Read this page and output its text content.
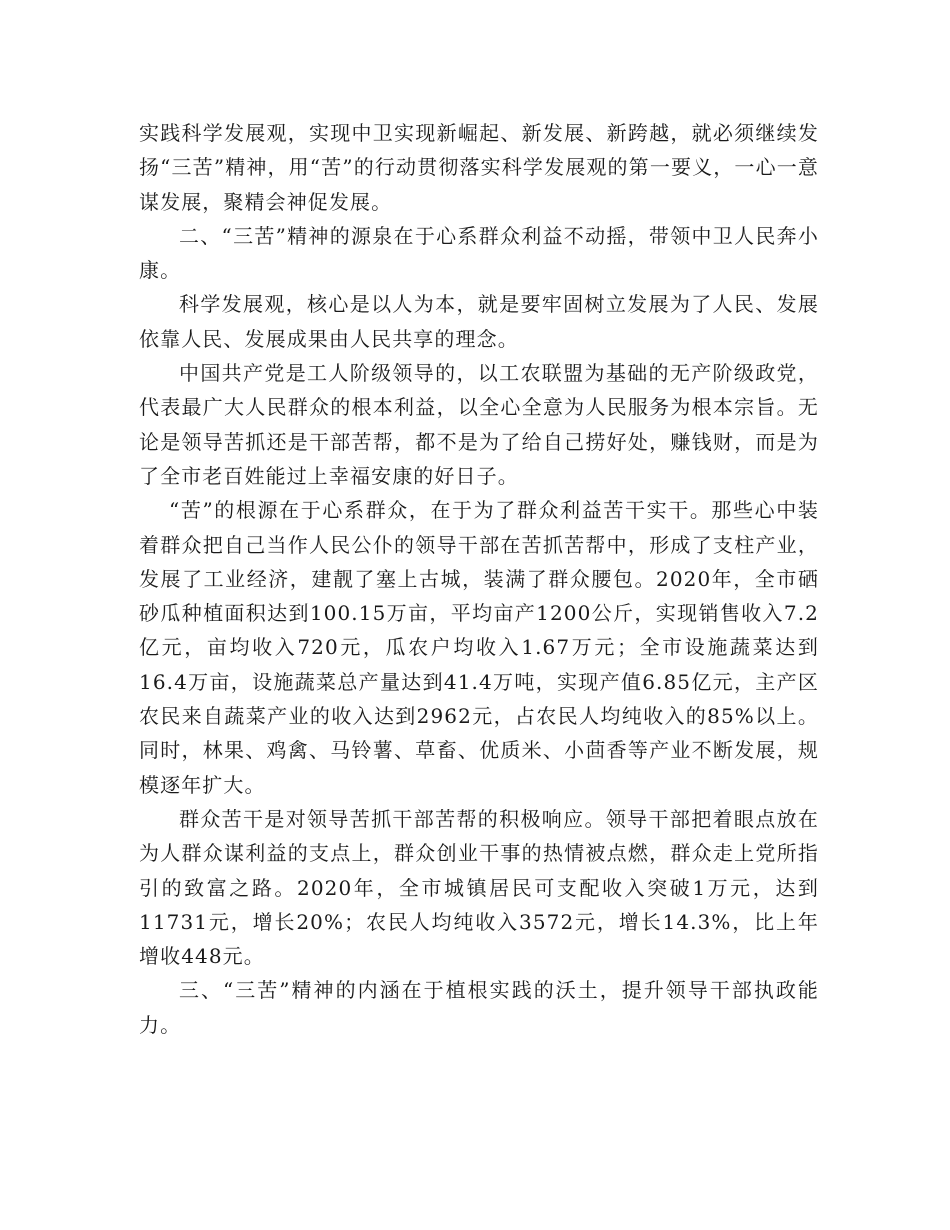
实践科学发展观，实现中卫实现新崛起、新发展、新跨越，就必须继续发扬“三苦”精神，用“苦”的行动贯彻落实科学发展观的第一要义，一心一意谋发展，聚精会神促发展。

二、“三苦”精神的源泉在于心系群众利益不动摇，带领中卫人民奔小康。

科学发展观，核心是以人为本，就是要牢固树立发展为了人民、发展依靠人民、发展成果由人民共享的理念。

中国共产党是工人阶级领导的，以工农联盟为基础的无产阶级政党，代表最广大人民群众的根本利益，以全心全意为人民服务为根本宗旨。无论是领导苦抓还是干部苦帮，都不是为了给自己捞好处，赚钱财，而是为了全市老百姓能过上幸福安康的好日子。

“苦”的根源在于心系群众，在于为了群众利益苦干实干。那些心中装着群众把自己当作人民公仆的领导干部在苦抓苦帮中，形成了支柱产业，发展了工业经济，建靓了塞上古城，装满了群众腰包。2020年，全市硒砂瓜种植面积达到100.15万亩，平均亩产1200公斤，实现销售收入7.2亿元，亩均收入720元，瓜农户均收入1.67万元；全市设施蔬菜达到16.4万亩，设施蔬菜总产量达到41.4万吨，实现产值6.85亿元，主产区农民来自蔬菜产业的收入达到2962元，占农民人均纯收入的85%以上。同时，林果、鸡禽、马铃薯、草畜、优质米、小茴香等产业不断发展，规模逐年扩大。

群众苦干是对领导苦抓干部苦帮的积极响应。领导干部把着眼点放在为人群众谋利益的支点上，群众创业干事的热情被点燃，群众走上党所指引的致富之路。2020年，全市城镇居民可支配收入突破1万元，达到11731元，增长20%；农民人均纯收入3572元，增长14.3%，比上年增收448元。

三、“三苦”精神的内涵在于植根实践的沃土，提升领导干部执政能力。
